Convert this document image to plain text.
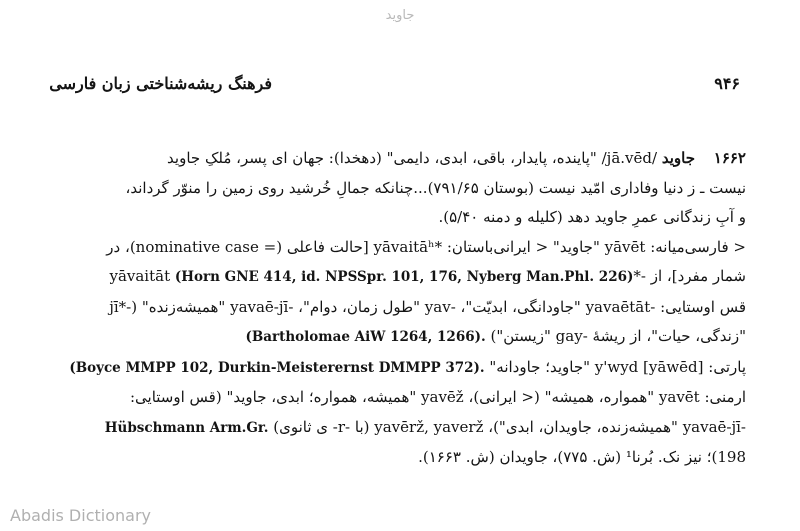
جاوید
۹۴۶
فرهنگ ریشه‌شناختی زبان فارسی

۱۶۶۲ جاوید /jā.vēd/ "پاینده، پایدار، باقی، ابدی، دایمی" (دهخدا): جهان ای پسر، مُلکِ جاوید

نیست ـ ز دنیا وفاداری امّید نیست (بوستان ۷۹۱/۶۵)...چنانکه جمالِ خُرشید روی زمین را منوّر گرداند،

و آبِ زندگانی عمرِ جاوید دهد (کلیله و دمنه ۵/۴۰).

< فارسی‌میانه: yāvēt "جاوید" < ایرانی‌باستان: *yāvaitāʰ [حالت فاعلی (= nominative case)، در

شمار مفرد]، از -*yāvaitāt (Horn GNE 414, id. NPSSpr. 101, 176, Nyberg Man.Phl. 226)

قس اوستایی: -yavaētāt "جاودانگی، ابدیّت"، -yav "طول زمان، دوام"، -yavaē-jī "همیشه‌زنده" (-*jī

"زندگی، حیات"، از ریشهٔ -gay "زیستن") (Bartholomae AiW 1264, 1266).

پارتی: [yāwēd] y'wyd "جاوید؛ جاودانه" (Boyce MMPP 102, Durkin-Meisterernst DMMPP 372).

ارمنی: yavēt "همواره، همیشه" (< ایرانی)، yavēž "همیشه، همواره؛ ابدی، جاوید" (قس اوستایی:

-yavaē-jī "همیشه‌زنده، جاویدان، ابدی")، yavērž, yaverž (با -r- ی ثانوی) Hübschmann Arm.Gr.

198)؛ نیز نک. بُرنا¹ (ش. ۷۷۵)، جاویدان (ش. ۱۶۶۳).

Abadis Dictionary
